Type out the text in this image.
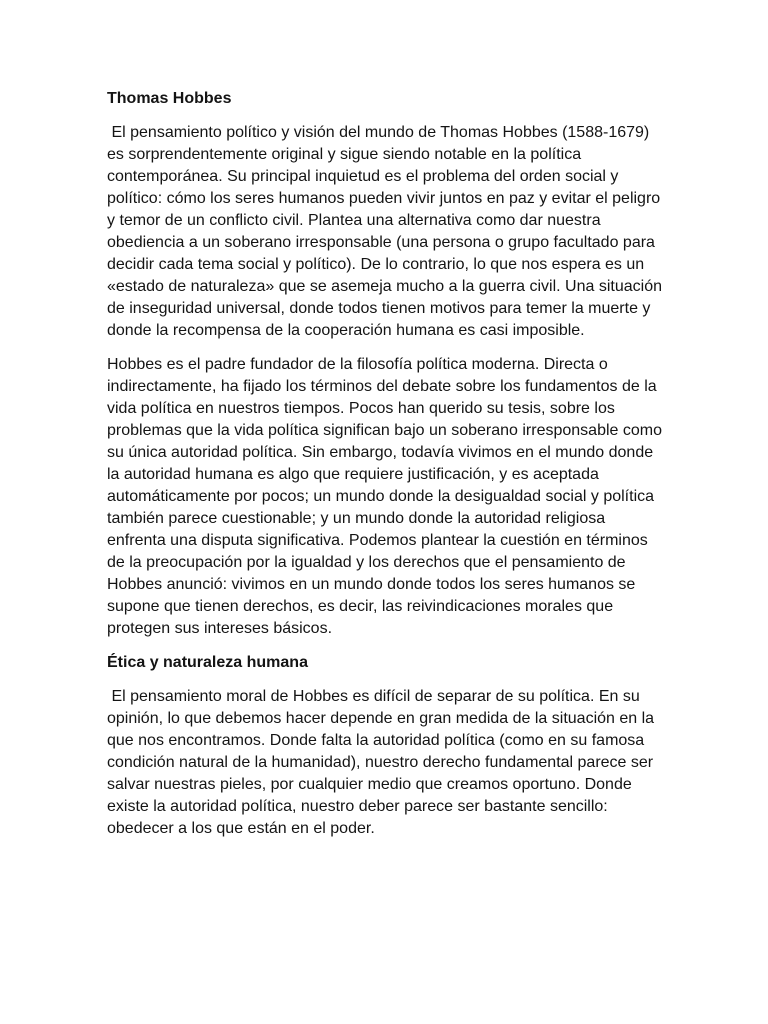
Thomas Hobbes

El pensamiento político y visión del mundo de Thomas Hobbes (1588-1679) es sorprendentemente original y sigue siendo notable en la política contemporánea. Su principal inquietud es el problema del orden social y político: cómo los seres humanos pueden vivir juntos en paz y evitar el peligro y temor de un conflicto civil. Plantea una alternativa como dar nuestra obediencia a un soberano irresponsable (una persona o grupo facultado para decidir cada tema social y político). De lo contrario, lo que nos espera es un «estado de naturaleza» que se asemeja mucho a la guerra civil. Una situación de inseguridad universal, donde todos tienen motivos para temer la muerte y donde la recompensa de la cooperación humana es casi imposible.

Hobbes es el padre fundador de la filosofía política moderna. Directa o indirectamente, ha fijado los términos del debate sobre los fundamentos de la vida política en nuestros tiempos. Pocos han querido su tesis, sobre los problemas que la vida política significan bajo un soberano irresponsable como su única autoridad política. Sin embargo, todavía vivimos en el mundo donde la autoridad humana es algo que requiere justificación, y es aceptada automáticamente por pocos; un mundo donde la desigualdad social y política también parece cuestionable; y un mundo donde la autoridad religiosa enfrenta una disputa significativa. Podemos plantear la cuestión en términos de la preocupación por la igualdad y los derechos que el pensamiento de Hobbes anunció: vivimos en un mundo donde todos los seres humanos se supone que tienen derechos, es decir, las reivindicaciones morales que protegen sus intereses básicos.

Ética y naturaleza humana

El pensamiento moral de Hobbes es difícil de separar de su política. En su opinión, lo que debemos hacer depende en gran medida de la situación en la que nos encontramos. Donde falta la autoridad política (como en su famosa condición natural de la humanidad), nuestro derecho fundamental parece ser salvar nuestras pieles, por cualquier medio que creamos oportuno. Donde existe la autoridad política, nuestro deber parece ser bastante sencillo: obedecer a los que están en el poder.
